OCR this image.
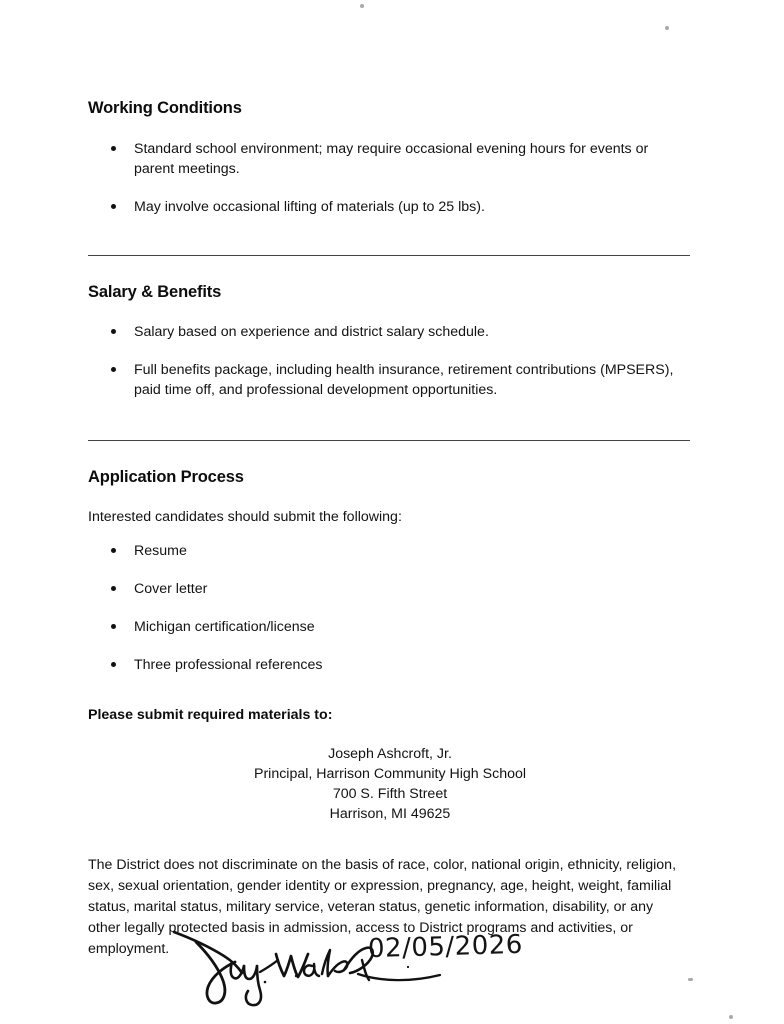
Working Conditions
Standard school environment; may require occasional evening hours for events or parent meetings.
May involve occasional lifting of materials (up to 25 lbs).
Salary & Benefits
Salary based on experience and district salary schedule.
Full benefits package, including health insurance, retirement contributions (MPSERS), paid time off, and professional development opportunities.
Application Process
Interested candidates should submit the following:
Resume
Cover letter
Michigan certification/license
Three professional references
Please submit required materials to:
Joseph Ashcroft, Jr.
Principal, Harrison Community High School
700 S. Fifth Street
Harrison, MI 49625
The District does not discriminate on the basis of race, color, national origin, ethnicity, religion, sex, sexual orientation, gender identity or expression, pregnancy, age, height, weight, familial status, marital status, military service, veteran status, genetic information, disability, or any other legally protected basis in admission, access to District programs and activities, or employment.	02/05/2026
